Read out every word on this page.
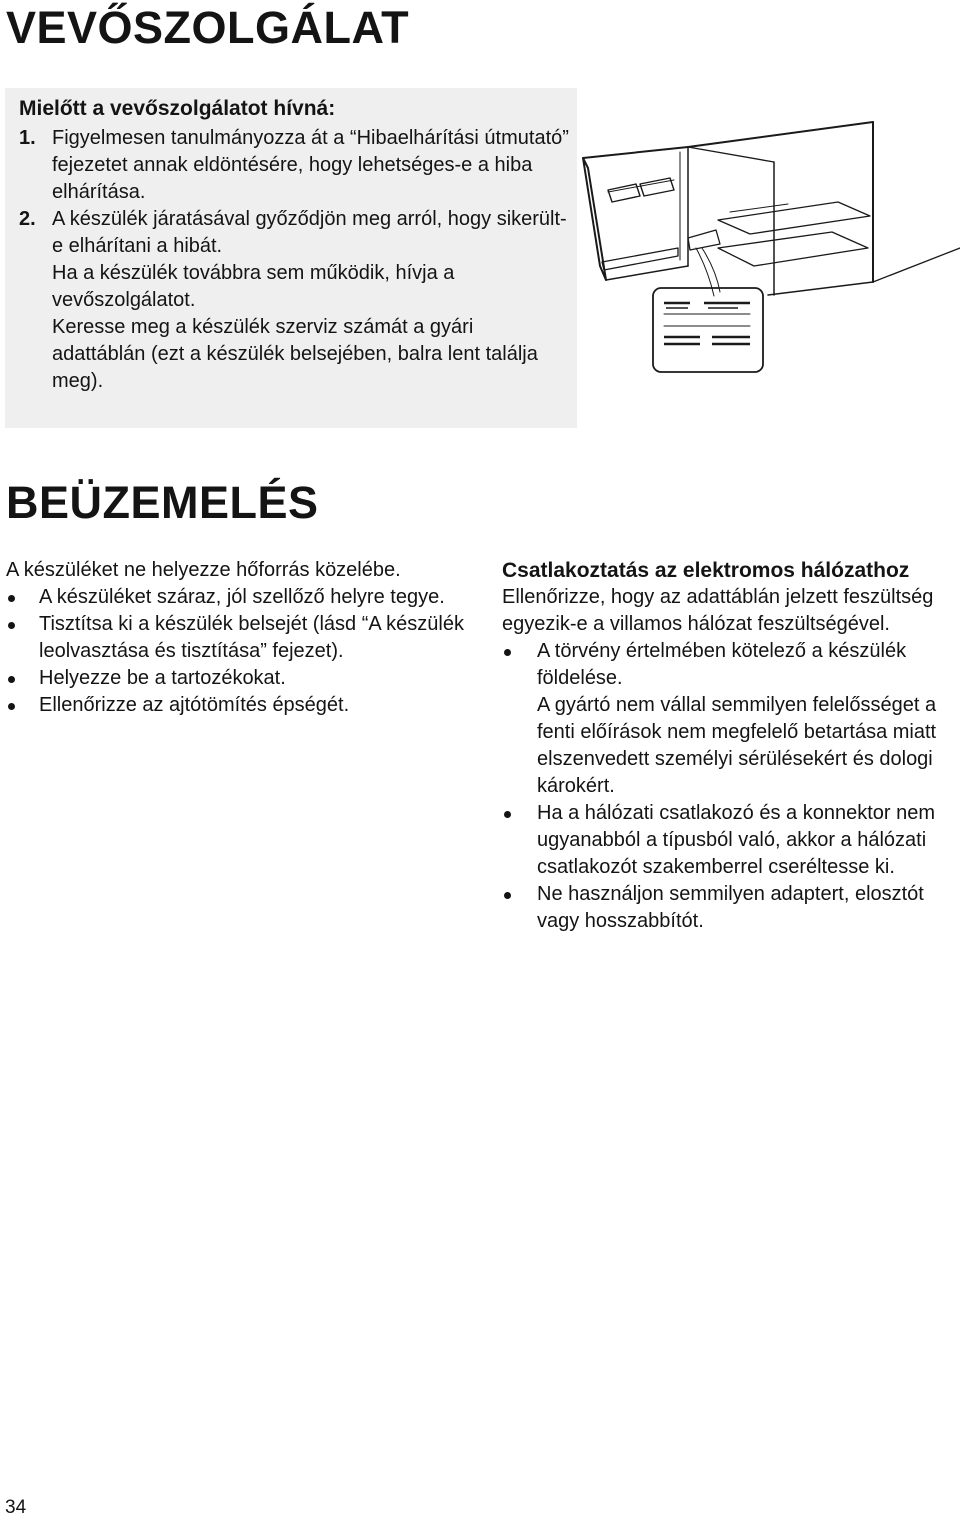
VEVŐSZOLGÁLAT
Mielőtt a vevőszolgálatot hívná:
1. Figyelmesen tanulmányozza át a “Hibaelhárítási útmutató” fejezetet annak eldöntésére, hogy lehetséges-e a hiba elhárítása.
2. A készülék járatásával győződjön meg arról, hogy sikerült-e elhárítani a hibát.
Ha a készülék továbbra sem működik, hívja a vevőszolgálatot.
Keresse meg a készülék szerviz számát a gyári adattáblán (ezt a készülék belsejében, balra lent találja meg).
BEÜZEMELÉS

A készüléket ne helyezze hőforrás közelébe.

A készüléket száraz, jól szellőző helyre tegye.
Tisztítsa ki a készülék belsejét (lásd “A készülék leolvasztása és tisztítása” fejezet).
Helyezze be a tartozékokat.
Ellenőrizze az ajtótömítés épségét.
Csatlakoztatás az elektromos hálózathoz

Ellenőrizze, hogy az adattáblán jelzett feszültség egyezik-e a villamos hálózat feszültségével.

A törvény értelmében kötelező a készülék földelése.
A gyártó nem vállal semmilyen felelősséget a fenti előírások nem megfelelő betartása miatt elszenvedett személyi sérülésekért és dologi károkért.
Ha a hálózati csatlakozó és a konnektor nem ugyanabból a típusból való, akkor a hálózati csatlakozót szakemberrel cseréltesse ki.
Ne használjon semmilyen adaptert, elosztót vagy hosszabbítót.
34
